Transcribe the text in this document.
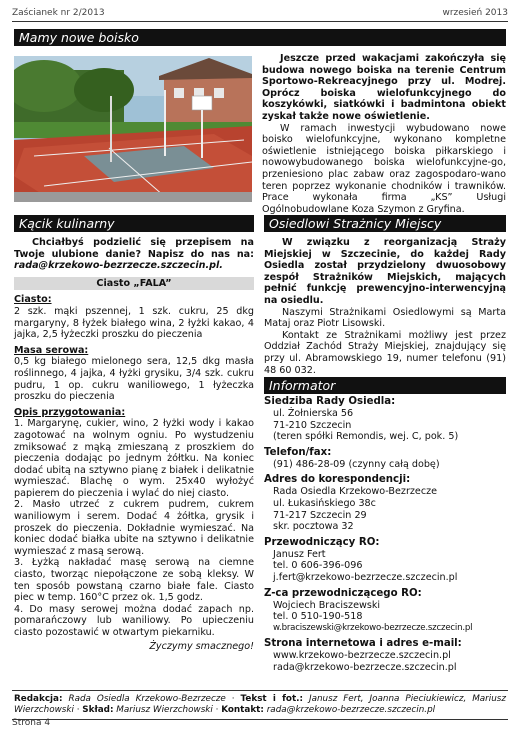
Zaścianek nr 2/2013	wrzesień 2013
Mamy nowe boisko

Jeszcze przed wakacjami zakończyła się budowa nowego boiska na terenie Centrum Sportowo-Rekreacyjnego przy ul. Modrej. Oprócz boiska wielofunkcyjnego do koszykówki, siatkówki i badmintona obiekt zyskał także nowe oświetlenie.

W ramach inwestycji wybudowano nowe boisko wielofunkcyjne, wykonano kompletne oświetlenie istniejącego boiska piłkarskiego i nowowybudowanego boiska wielofunkcyjne-go, przeniesiono plac zabaw oraz zagospodaro-wano teren poprzez wykonanie chodników i trawników. Prace wykonała firma „KS” Usługi Ogólnobudowlane Koza Szymon z Gryfina.

Kącik kulinarny

Chciałbyś podzielić się przepisem na Twoje ulubione danie? Napisz do nas na: rada@krzekowo-bezrzecze.szczecin.pl.

Ciasto „FALA”
Ciasto:

2 szk. mąki pszennej, 1 szk. cukru, 25 dkg margaryny, 8 łyżek białego wina, 2 łyżki kakao, 4 jajka, 2,5 łyżeczki proszku do pieczenia

Masa serowa:

0,5 kg białego mielonego sera, 12,5 dkg masła roślinnego, 4 jajka, 4 łyżki grysiku, 3/4 szk. cukru pudru, 1 op. cukru waniliowego, 1 łyżeczka proszku do pieczenia

Opis przygotowania:

1. Margarynę, cukier, wino, 2 łyżki wody i kakao zagotować na wolnym ogniu. Po wystudzeniu zmiksować z mąką zmieszaną z proszkiem do pieczenia dodając po jednym żółtku. Na koniec dodać ubitą na sztywno pianę z białek i delikatnie wymieszać. Blachę o wym. 25x40 wyłożyć papierem do pieczenia i wylać do niej ciasto.

2. Masło utrzeć z cukrem pudrem, cukrem waniliowym i serem. Dodać 4 żółtka, grysik i proszek do pieczenia. Dokładnie wymieszać. Na koniec dodać białka ubite na sztywno i delikatnie wymieszać z masą serową.

3. Łyżką nakładać masę serową na ciemne ciasto, tworząc niepołączone ze sobą kleksy. W ten sposób powstaną czarno białe fale. Ciasto piec w temp. 160°C przez ok. 1,5 godz.

4. Do masy serowej można dodać zapach np. pomarańczowy lub waniliowy. Po upieczeniu ciasto pozostawić w otwartym piekarniku.

Życzymy smacznego!

Osiedlowi Strażnicy Miejscy

W związku z reorganizacją Straży Miejskiej w Szczecinie, do każdej Rady Osiedla został przydzielony dwuosobowy zespół Strażników Miejskich, mających pełnić funkcję prewencyjno-interwencyjną na osiedlu.

Naszymi Strażnikami Osiedlowymi są Marta Mataj oraz Piotr Lisowski.

Kontakt ze Strażnikami możliwy jest przez Oddział Zachód Straży Miejskiej, znajdujący się przy ul. Abramowskiego 19, numer telefonu (91) 48 60 032.

Informator

Siedziba Rady Osiedla:

ul. Żołnierska 56

71-210 Szczecin

(teren spółki Remondis, wej. C, pok. 5)

Telefon/fax:

(91) 486-28-09 (czynny całą dobę)

Adres do korespondencji:

Rada Osiedla Krzekowo-Bezrzecze

ul. Łukasińskiego 38c

71-217 Szczecin 29

skr. pocztowa 32

Przewodniczący RO:

Janusz Fert

tel. 0 606-396-096

j.fert@krzekowo-bezrzecze.szczecin.pl

Z-ca przewodniczącego RO:

Wojciech Braciszewski

tel. 0 510-190-518

w.braciszewski@krzekowo-bezrzecze.szczecin.pl

Strona internetowa i adres e-mail:

www.krzekowo-bezrzecze.szczecin.pl

rada@krzekowo-bezrzecze.szczecin.pl

Redakcja: Rada Osiedla Krzekowo-Bezrzecze · Tekst i fot.: Janusz Fert, Joanna Pieciukiewicz, Mariusz Wierzchowski · Skład: Mariusz Wierzchowski · Kontakt: rada@krzekowo-bezrzecze.szczecin.pl
Strona 4
